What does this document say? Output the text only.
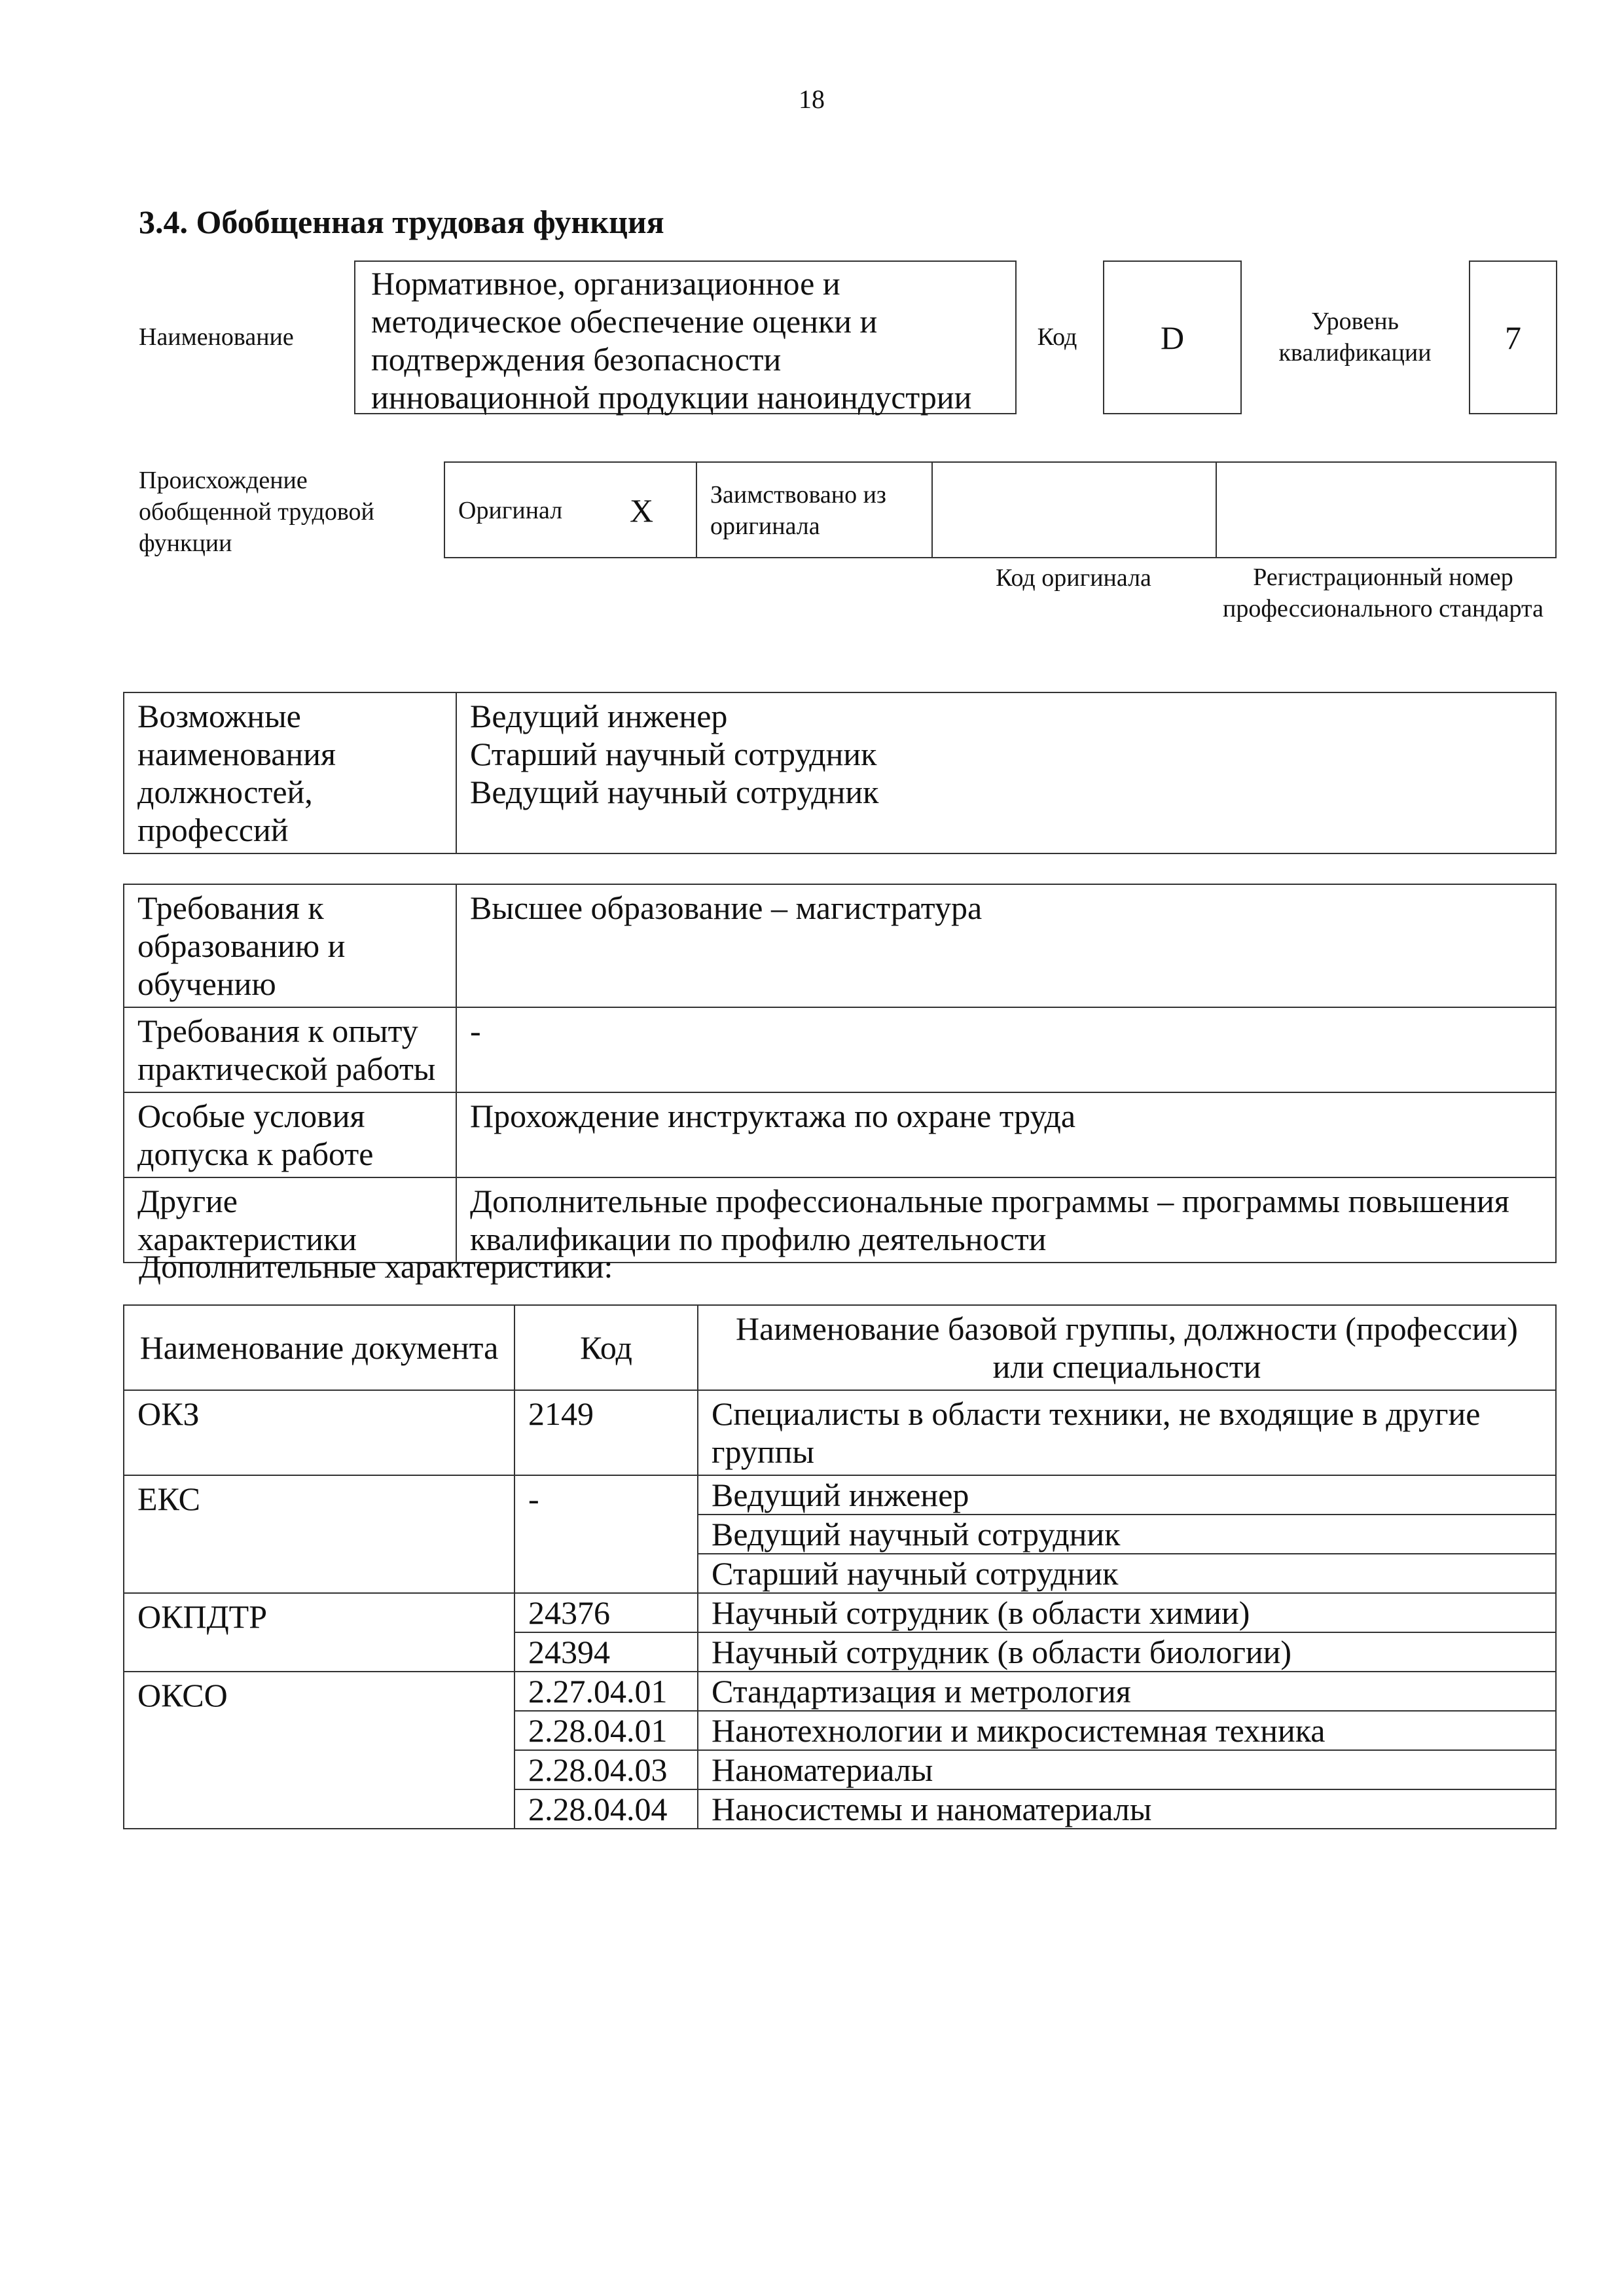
18
3.4. Обобщенная трудовая функция
Наименование
Нормативное, организационное и методическое обеспечение оценки и подтверждения безопасности инновационной продукции наноиндустрии
Код	D	Уровень квалификации	7
Происхождение обобщенной трудовой функции
Оригинал	X	Заимствовано из оригинала
Код оригинала	Регистрационный номер профессионального стандарта
Возможные наименования должностей, профессий	
Ведущий инженер
Старший научный сотрудник
Ведущий научный сотрудник
Требования к образованию и обучению	Высшее образование – магистратура
Требования к опыту практической работы	-
Особые условия допуска к работе	Прохождение инструктажа по охране труда
Другие характеристики	Дополнительные профессиональные программы – программы повышения квалификации по профилю деятельности
Дополнительные характеристики:
Наименование документа	Код	Наименование базовой группы, должности (профессии) или специальности
ОКЗ	2149	Специалисты в области техники, не входящие в другие группы
ЕКС	-	Ведущий инженер
		Ведущий научный сотрудник
		Старший научный сотрудник
ОКПДТР	24376	Научный сотрудник (в области химии)
	24394	Научный сотрудник (в области биологии)
ОКСО	2.27.04.01	Стандартизация и метрология
	2.28.04.01	Нанотехнологии и микросистемная техника
	2.28.04.03	Наноматериалы
	2.28.04.04	Наносистемы и наноматериалы
